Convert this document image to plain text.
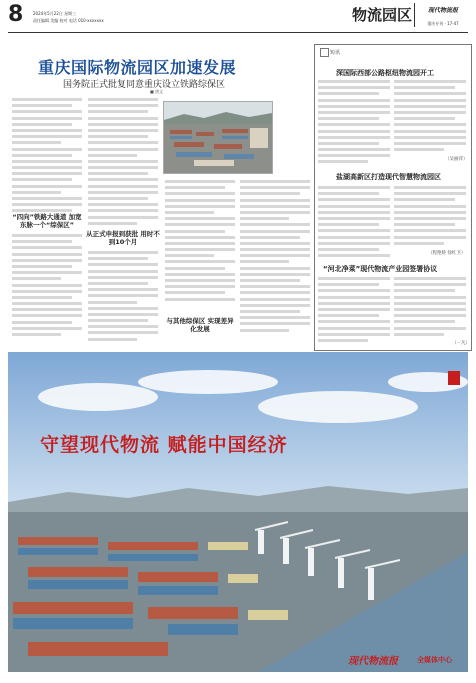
8 2024年5月22日 星期三
责任编辑 美编 校对 电话 010-xxxxxxx	物流园区	现代物流报
重庆专刊 · 17-47
重庆国际物流园区加速发展
国务院正式批复同意重庆设立铁路综保区
■ 唐文
“四向”铁路大通道 加宽东脉一个“综保区”
从正式申报到获批 用时不到10个月
与其他综保区 实现差异化发展
短讯
深国际西部公路枢纽物流园开工
（吴丽萍）
盐湖高新区打造现代智慧物流园区
（程艳娇 徐红卫）
“河北净菜”现代物流产业园签署协议
（一凡）
守望现代物流 赋能中国经济
现代物流报	全媒体中心
